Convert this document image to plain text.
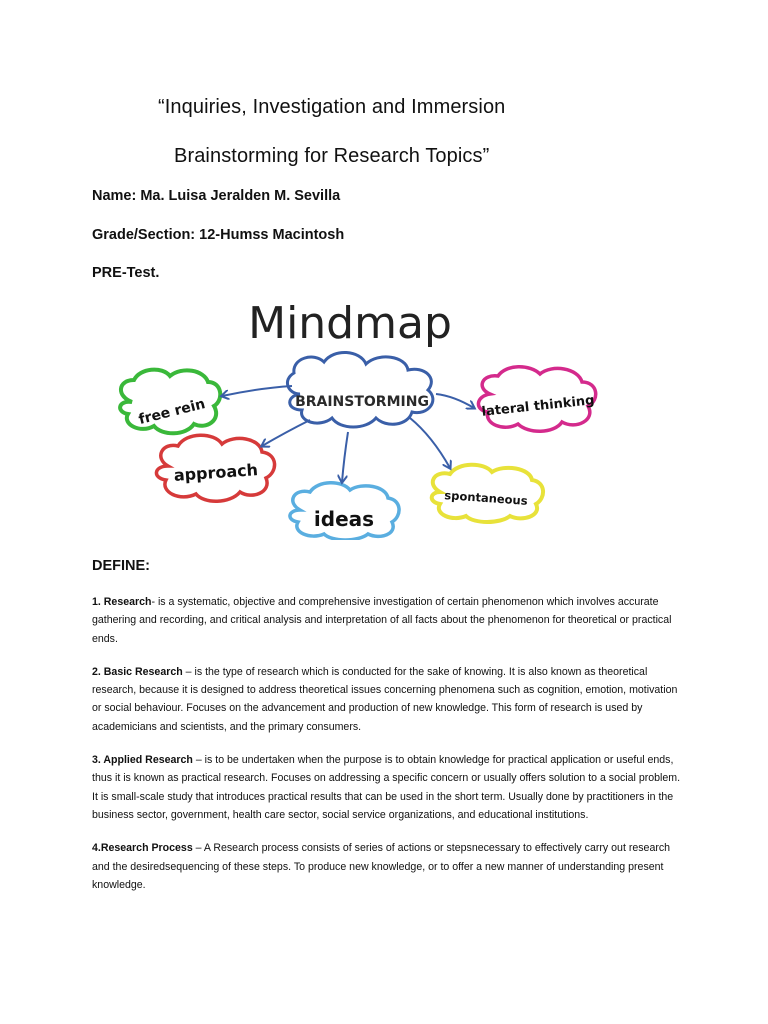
“Inquiries, Investigation and Immersion
Brainstorming for Research Topics”

Name: Ma. Luisa Jeralden M. Sevilla

Grade/Section: 12-Humss Macintosh

PRE-Test.

Mindmap
BRAINSTORMING
free rein	lateral thinking
approach
ideas
spontaneous

DEFINE:

1. Research- is a systematic, objective and comprehensive investigation of certain phenomenon which involves accurate gathering and recording, and critical analysis and interpretation of all facts about the phenomenon for theoretical or practical ends.

2. Basic Research – is the type of research which is conducted for the sake of knowing. It is also known as theoretical research, because it is designed to address theoretical issues concerning phenomena such as cognition, emotion, motivation or social behaviour. Focuses on the advancement and production of new knowledge. This form of research is used by academicians and scientists, and the primary consumers.

3. Applied Research – is to be undertaken when the purpose is to obtain knowledge for practical application or useful ends, thus it is known as practical research. Focuses on addressing a specific concern or usually offers solution to a social problem. It is small-scale study that introduces practical results that can be used in the short term. Usually done by practitioners in the business sector, government, health care sector, social service organizations, and educational institutions.

4.Research Process – A Research process consists of series of actions or stepsnecessary to effectively carry out research and the desiredsequencing of these steps. To produce new knowledge, or to offer a new manner of understanding present knowledge.
